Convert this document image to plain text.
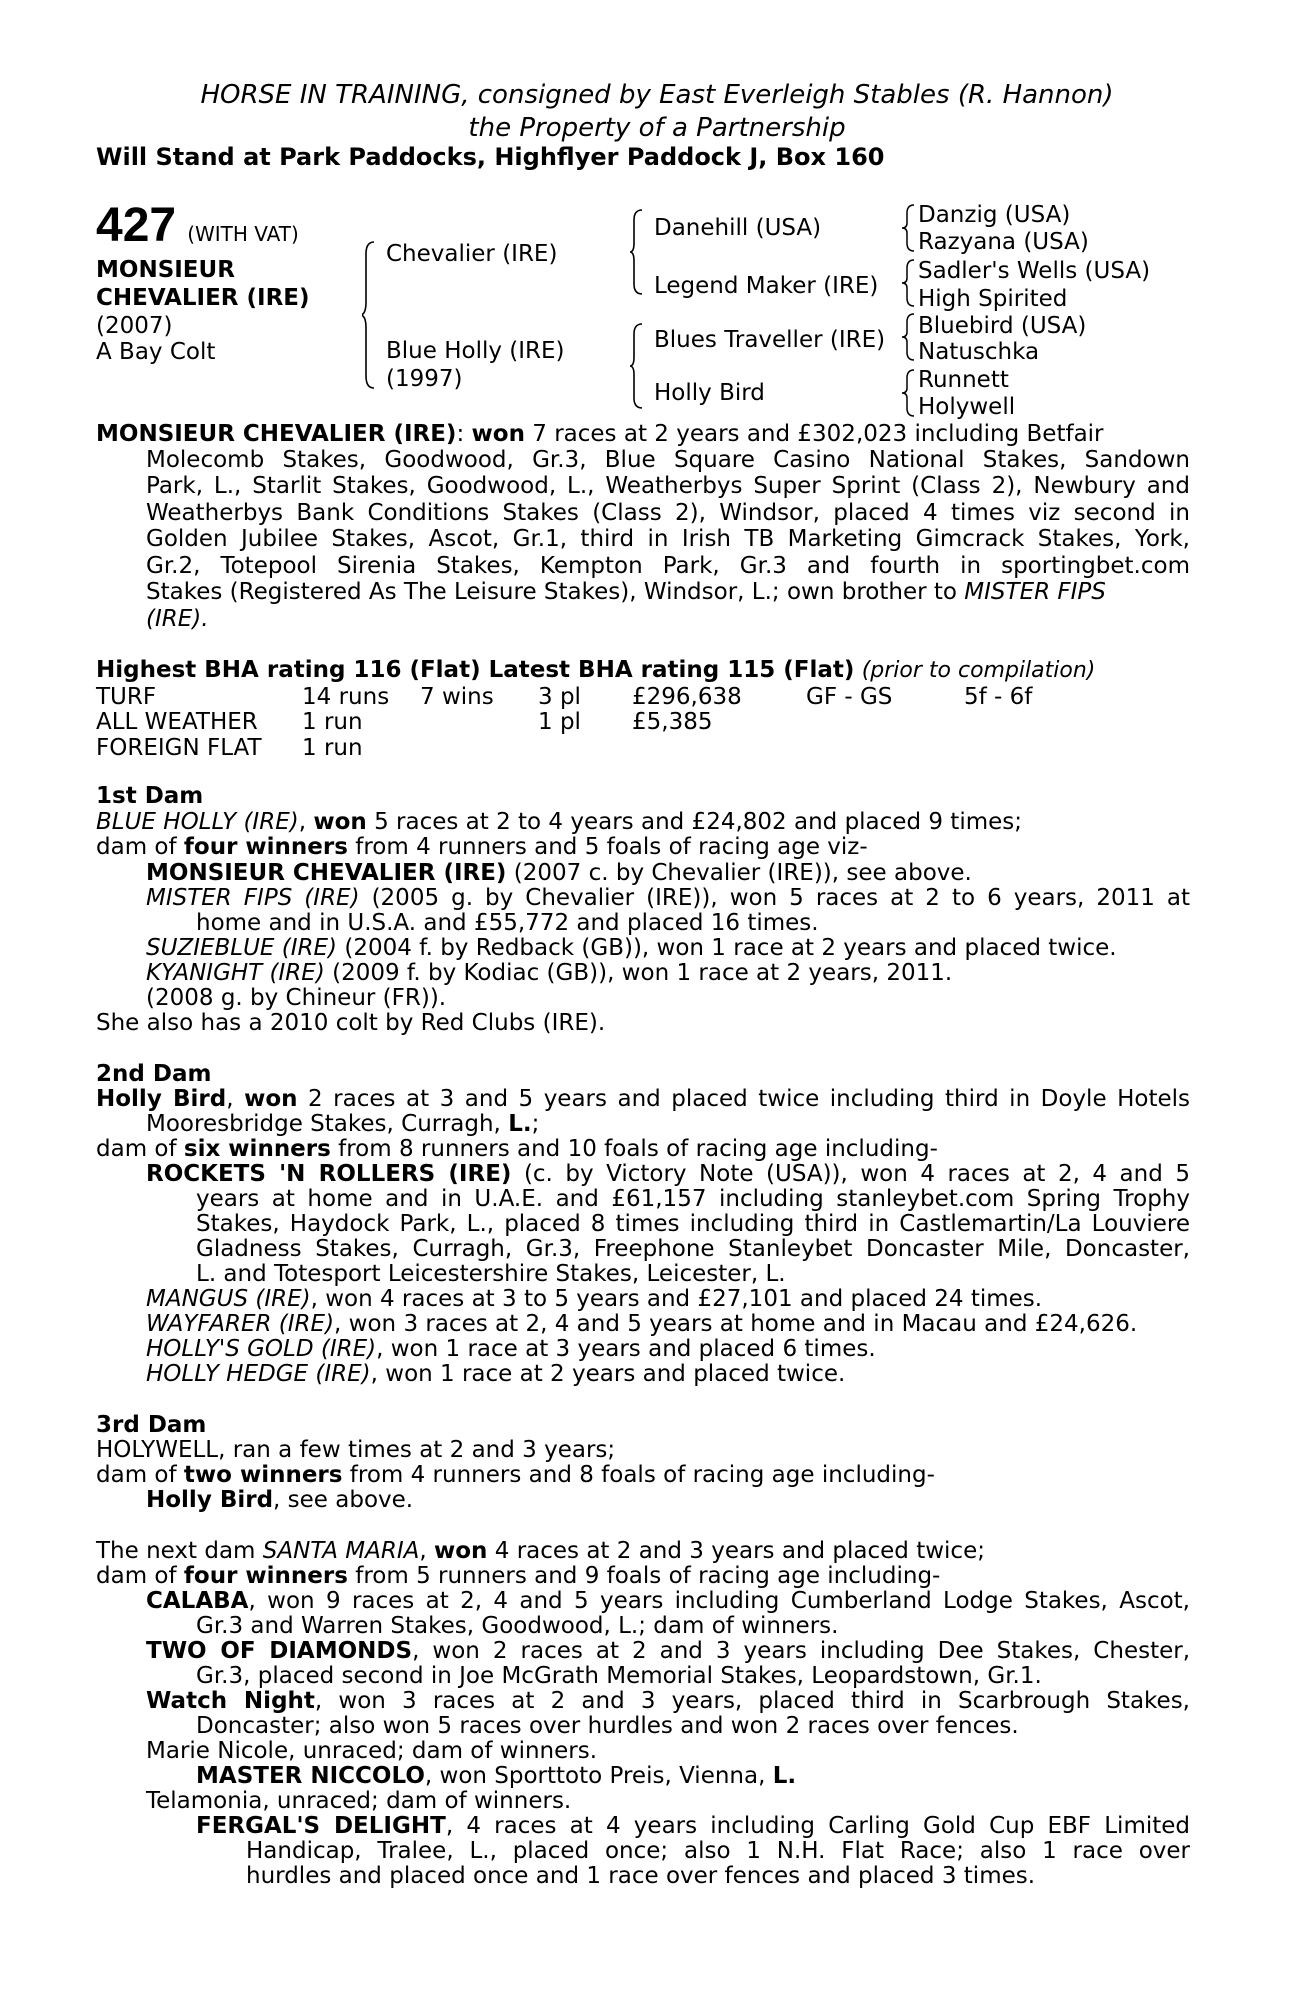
HORSE IN TRAINING, consigned by East Everleigh Stables (R. Hannon)
the Property of a Partnership
Will Stand at Park Paddocks, Highflyer Paddock J, Box 160
427 (WITH VAT)
MONSIEUR
CHEVALIER (IRE)
(2007)
A Bay Colt
Chevalier (IRE)
Blue Holly (IRE)
(1997)
Danehill (USA)
Legend Maker (IRE)
Blues Traveller (IRE)
Holly Bird
Danzig (USA)
Razyana (USA)
Sadler's Wells (USA)
High Spirited
Bluebird (USA)
Natuschka
Runnett
Holywell
MONSIEUR CHEVALIER (IRE): won 7 races at 2 years and £302,023 including Betfair
Molecomb Stakes, Goodwood, Gr.3, Blue Square Casino National Stakes, Sandown
Park, L., Starlit Stakes, Goodwood, L., Weatherbys Super Sprint (Class 2), Newbury and
Weatherbys Bank Conditions Stakes (Class 2), Windsor, placed 4 times viz second in
Golden Jubilee Stakes, Ascot, Gr.1, third in Irish TB Marketing Gimcrack Stakes, York,
Gr.2, Totepool Sirenia Stakes, Kempton Park, Gr.3 and fourth in sportingbet.com
Stakes (Registered As The Leisure Stakes), Windsor, L.; own brother to MISTER FIPS
(IRE).
Highest BHA rating 116 (Flat) Latest BHA rating 115 (Flat) (prior to compilation)
TURF	14 runs 7 wins 3 pl £296,638	GF - GS	5f - 6f
ALL WEATHER 1 run	1 pl £5,385
FOREIGN FLAT 1 run
1st Dam
BLUE HOLLY (IRE), won 5 races at 2 to 4 years and £24,802 and placed 9 times;
dam of four winners from 4 runners and 5 foals of racing age viz-
MONSIEUR CHEVALIER (IRE) (2007 c. by Chevalier (IRE)), see above.
MISTER FIPS (IRE) (2005 g. by Chevalier (IRE)), won 5 races at 2 to 6 years, 2011 at
home and in U.S.A. and £55,772 and placed 16 times.
SUZIEBLUE (IRE) (2004 f. by Redback (GB)), won 1 race at 2 years and placed twice.
KYANIGHT (IRE) (2009 f. by Kodiac (GB)), won 1 race at 2 years, 2011.
(2008 g. by Chineur (FR)).
She also has a 2010 colt by Red Clubs (IRE).
2nd Dam
Holly Bird, won 2 races at 3 and 5 years and placed twice including third in Doyle Hotels
Mooresbridge Stakes, Curragh, L.;
dam of six winners from 8 runners and 10 foals of racing age including-
ROCKETS 'N ROLLERS (IRE) (c. by Victory Note (USA)), won 4 races at 2, 4 and 5
years at home and in U.A.E. and £61,157 including stanleybet.com Spring Trophy
Stakes, Haydock Park, L., placed 8 times including third in Castlemartin/La Louviere
Gladness Stakes, Curragh, Gr.3, Freephone Stanleybet Doncaster Mile, Doncaster,
L. and Totesport Leicestershire Stakes, Leicester, L.
MANGUS (IRE), won 4 races at 3 to 5 years and £27,101 and placed 24 times.
WAYFARER (IRE), won 3 races at 2, 4 and 5 years at home and in Macau and £24,626.
HOLLY'S GOLD (IRE), won 1 race at 3 years and placed 6 times.
HOLLY HEDGE (IRE), won 1 race at 2 years and placed twice.
3rd Dam
HOLYWELL, ran a few times at 2 and 3 years;
dam of two winners from 4 runners and 8 foals of racing age including-
Holly Bird, see above.
The next dam SANTA MARIA, won 4 races at 2 and 3 years and placed twice;
dam of four winners from 5 runners and 9 foals of racing age including-
CALABA, won 9 races at 2, 4 and 5 years including Cumberland Lodge Stakes, Ascot,
Gr.3 and Warren Stakes, Goodwood, L.; dam of winners.
TWO OF DIAMONDS, won 2 races at 2 and 3 years including Dee Stakes, Chester,
Gr.3, placed second in Joe McGrath Memorial Stakes, Leopardstown, Gr.1.
Watch Night, won 3 races at 2 and 3 years, placed third in Scarbrough Stakes,
Doncaster; also won 5 races over hurdles and won 2 races over fences.
Marie Nicole, unraced; dam of winners.
MASTER NICCOLO, won Sporttoto Preis, Vienna, L.
Telamonia, unraced; dam of winners.
FERGAL'S DELIGHT, 4 races at 4 years including Carling Gold Cup EBF Limited
Handicap, Tralee, L., placed once; also 1 N.H. Flat Race; also 1 race over
hurdles and placed once and 1 race over fences and placed 3 times.
